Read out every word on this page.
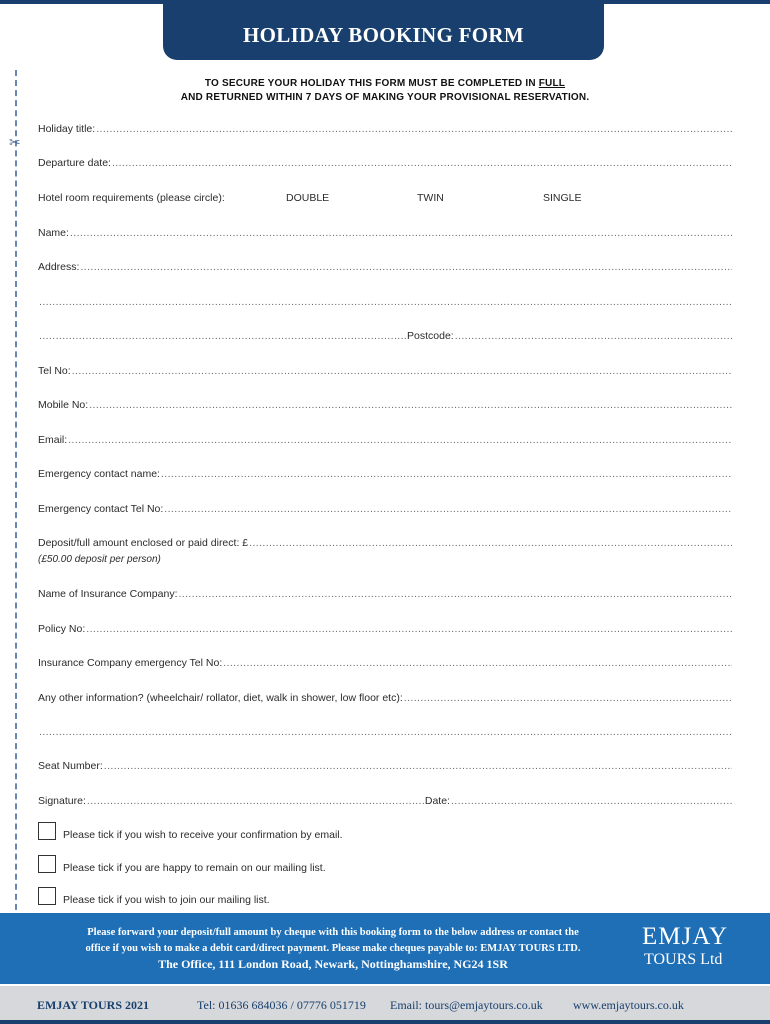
HOLIDAY BOOKING FORM
✂
TO SECURE YOUR HOLIDAY THIS FORM MUST BE COMPLETED IN FULL
AND RETURNED WITHIN 7 DAYS OF MAKING YOUR PROVISIONAL RESERVATION.
Holiday title:
.....
Departure date:
.....
Hotel room requirements (please circle):	DOUBLE	TWIN	SINGLE
Name:
.....
Address:
.....
.....
.....
Postcode:
.....
Tel No:
.....
Mobile No:
.....
Email:
.....
Emergency contact name:
.....
Emergency contact Tel No:
.....
Deposit/full amount enclosed or paid direct: £
.....
(£50.00 deposit per person)
Name of Insurance Company:
.....
Policy No:
.....
Insurance Company emergency Tel No:
.....
Any other information? (wheelchair/ rollator, diet, walk in shower, low floor etc):
.....
.....
Seat Number:
.....
Signature:
.....	Date:
.....
Please tick if you wish to receive your confirmation by email.
Please tick if you are happy to remain on our mailing list.
Please tick if you wish to join our mailing list.
Please forward your deposit/full amount by cheque with this booking form to the below address or contact the
office if you wish to make a debit card/direct payment. Please make cheques payable to: EMJAY TOURS LTD.
The Office, 111 London Road, Newark, Nottinghamshire, NG24 1SR
EMJAY
TOURS Ltd
EMJAY TOURS 2021	Tel: 01636 684036 / 07776 051719 Email: tours@emjaytours.co.uk	www.emjaytours.co.uk
